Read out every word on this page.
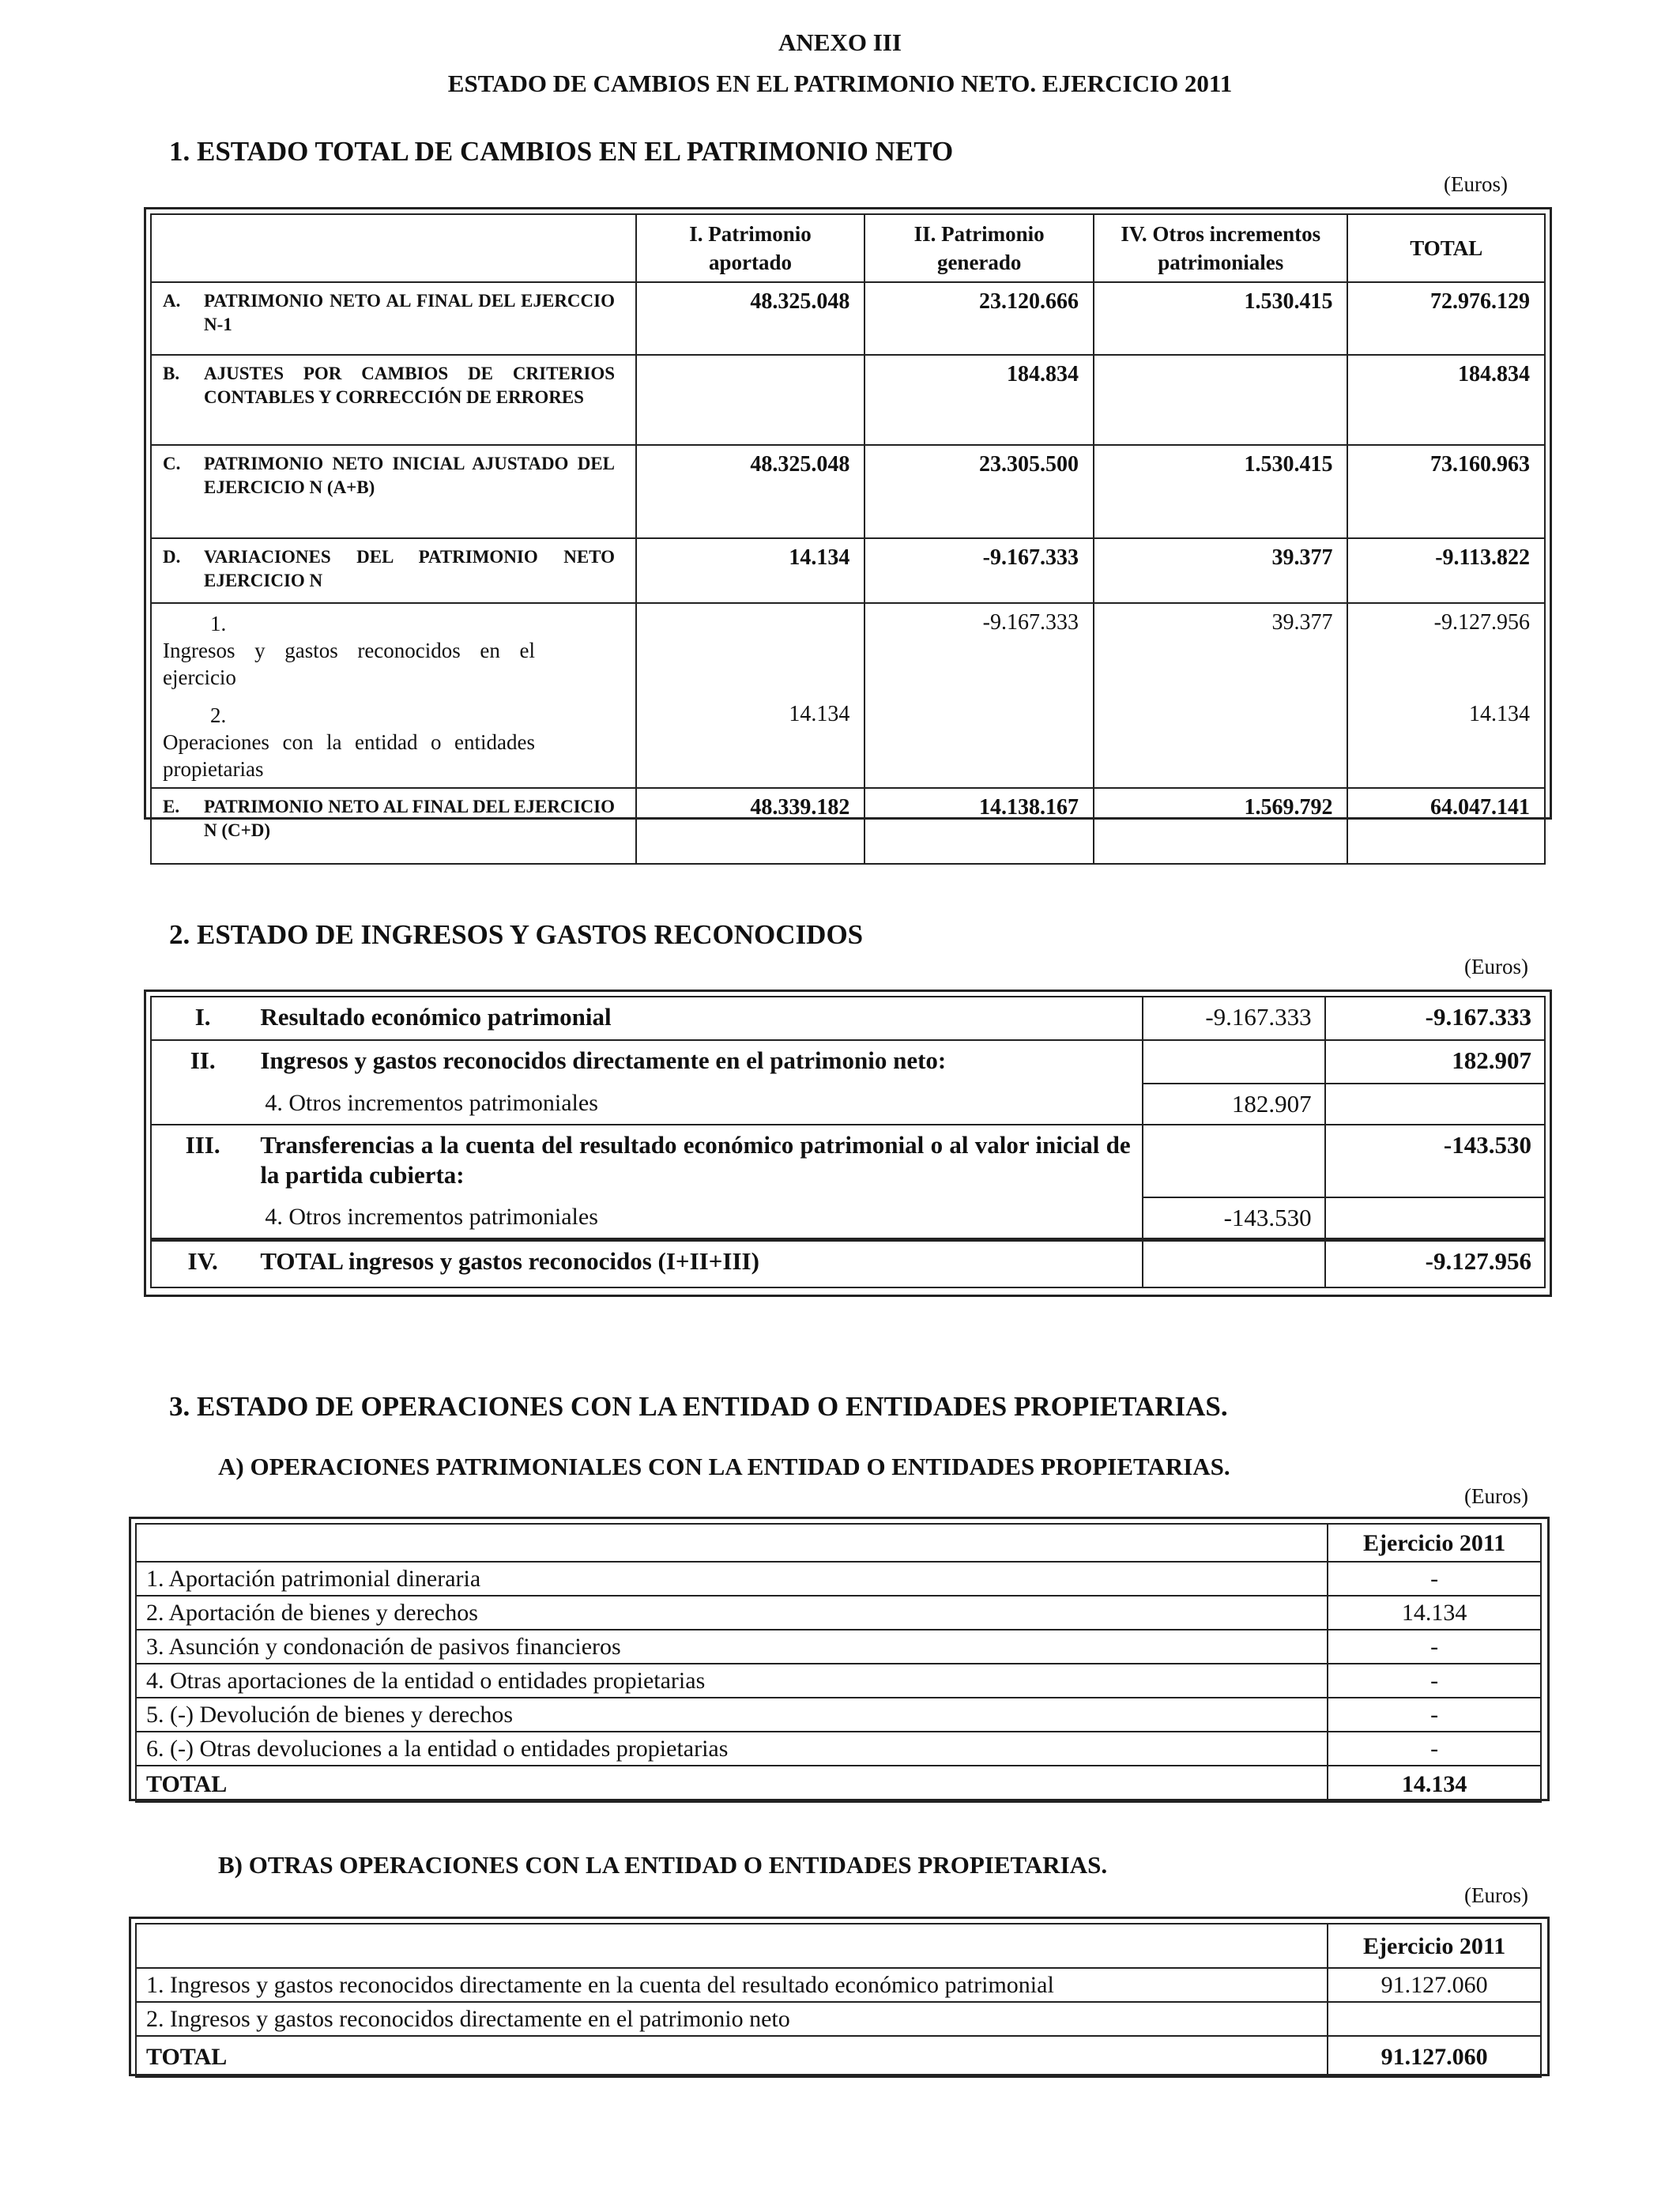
ANEXO III
ESTADO DE CAMBIOS EN EL PATRIMONIO NETO. EJERCICIO 2011
1. ESTADO TOTAL DE CAMBIOS EN EL PATRIMONIO NETO
(Euros)
	I. Patrimonio aportado	II. Patrimonio generado	IV. Otros incrementos patrimoniales	TOTAL
A. PATRIMONIO NETO AL FINAL DEL EJERCCIO N-1	48.325.048	23.120.666	1.530.415	72.976.129
B. AJUSTES POR CAMBIOS DE CRITERIOS CONTABLES Y CORRECCIÓN DE ERRORES		184.834		184.834
C. PATRIMONIO NETO INICIAL AJUSTADO DEL EJERCICIO N (A+B)	48.325.048	23.305.500	1.530.415	73.160.963
D. VARIACIONES DEL PATRIMONIO NETO EJERCICIO N	14.134	-9.167.333	39.377	-9.113.822
1.Ingresos y gastos reconocidos en el ejercicio		-9.167.333	39.377	-9.127.956
2.Operaciones con la entidad o entidades propietarias	14.134			14.134
E. PATRIMONIO NETO AL FINAL DEL EJERCICIO N (C+D)	48.339.182	14.138.167	1.569.792	64.047.141
2. ESTADO DE INGRESOS Y GASTOS RECONOCIDOS
(Euros)
I.	Resultado económico patrimonial	-9.167.333	-9.167.333
II.	Ingresos y gastos reconocidos directamente en el patrimonio neto:		182.907
	4. Otros incrementos patrimoniales	182.907	
III.	Transferencias a la cuenta del resultado económico patrimonial o al valor inicial de la partida cubierta:		-143.530
	4. Otros incrementos patrimoniales	-143.530	
IV.	TOTAL ingresos y gastos reconocidos (I+II+III)		-9.127.956
3. ESTADO DE OPERACIONES CON LA ENTIDAD O ENTIDADES PROPIETARIAS.
A) OPERACIONES PATRIMONIALES CON LA ENTIDAD O ENTIDADES PROPIETARIAS.
(Euros)
	Ejercicio 2011
1. Aportación patrimonial dineraria	-
2. Aportación de bienes y derechos	14.134
3. Asunción y condonación de pasivos financieros	-
4. Otras aportaciones de la entidad o entidades propietarias	-
5. (-) Devolución de bienes y derechos	-
6. (-) Otras devoluciones a la entidad o entidades propietarias	-
TOTAL	14.134
B) OTRAS OPERACIONES CON LA ENTIDAD O ENTIDADES PROPIETARIAS.
(Euros)
	Ejercicio 2011
1. Ingresos y gastos reconocidos directamente en la cuenta del resultado económico patrimonial	91.127.060
2. Ingresos y gastos reconocidos directamente en el patrimonio neto	
TOTAL	91.127.060
